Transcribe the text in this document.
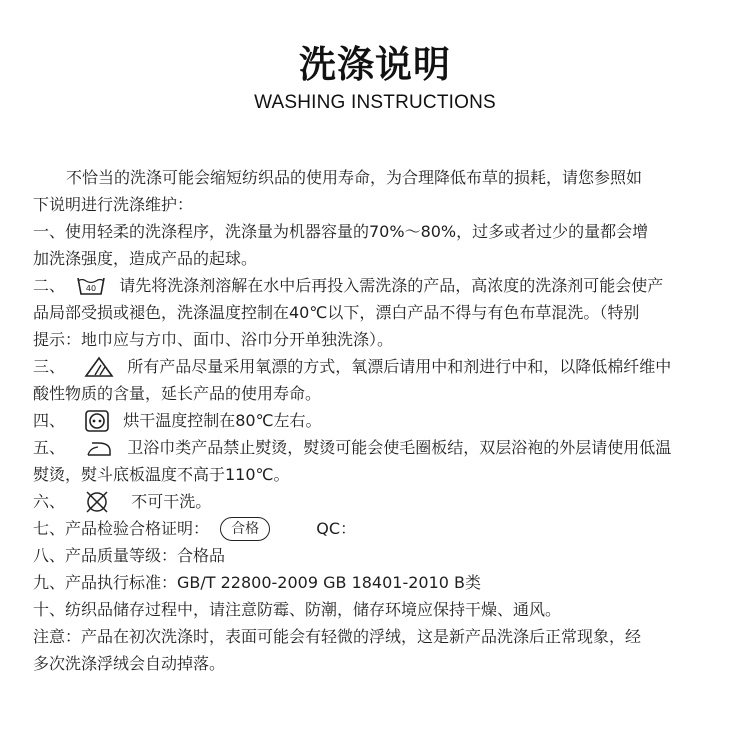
洗涤说明
WASHING INSTRUCTIONS
不恰当的洗涤可能会缩短纺织品的使用寿命，为合理降低布草的损耗，请您参照如
下说明进行洗涤维护：
一、使用轻柔的洗涤程序，洗涤量为机器容量的70%～80%，过多或者过少的量都会增
加洗涤强度，造成产品的起球。
二、	40 请先将洗涤剂溶解在水中后再投入需洗涤的产品，高浓度的洗涤剂可能会使产
品局部受损或褪色，洗涤温度控制在40℃以下，漂白产品不得与有色布草混洗。（特别
提示：地巾应与方巾、面巾、浴巾分开单独洗涤）。
三、	所有产品尽量采用氧漂的方式，氧漂后请用中和剂进行中和，以降低棉纤维中
酸性物质的含量，延长产品的使用寿命。
四、	烘干温度控制在80℃左右。
五、	卫浴巾类产品禁止熨烫，熨烫可能会使毛圈板结，双层浴袍的外层请使用低温
熨烫，熨斗底板温度不高于110℃。
六、	不可干洗。
七、产品检验合格证明： 合格	QC：
八、产品质量等级：合格品
九、产品执行标准：GB/T 22800-2009 GB 18401-2010 B类
十、纺织品储存过程中，请注意防霉、防潮，储存环境应保持干燥、通风。
注意：产品在初次洗涤时，表面可能会有轻微的浮绒，这是新产品洗涤后正常现象，经
多次洗涤浮绒会自动掉落。
